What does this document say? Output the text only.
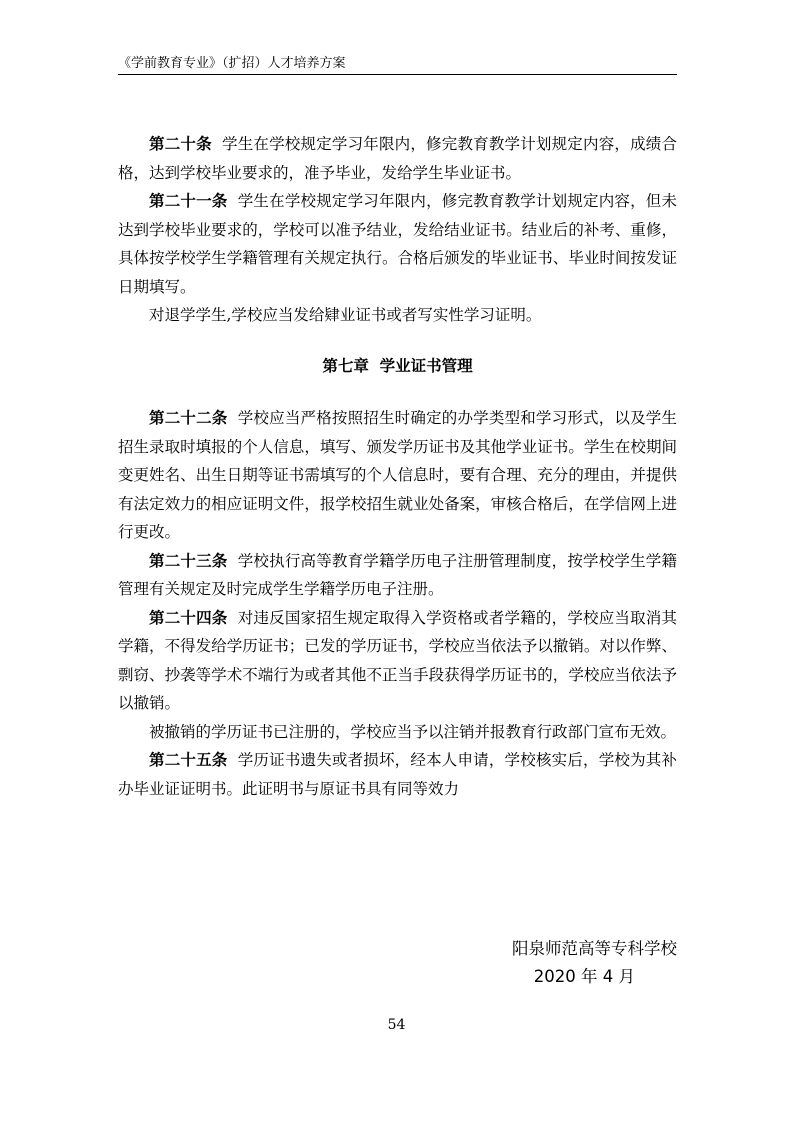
《学前教育专业》（扩招）人才培养方案

第二十条 学生在学校规定学习年限内，修完教育教学计划规定内容，成绩合格，达到学校毕业要求的，准予毕业，发给学生毕业证书。

第二十一条 学生在学校规定学习年限内，修完教育教学计划规定内容，但未达到学校毕业要求的，学校可以准予结业，发给结业证书。结业后的补考、重修，具体按学校学生学籍管理有关规定执行。合格后颁发的毕业证书、毕业时间按发证日期填写。

对退学学生,学校应当发给肄业证书或者写实性学习证明。

第七章  学业证书管理

第二十二条 学校应当严格按照招生时确定的办学类型和学习形式，以及学生招生录取时填报的个人信息，填写、颁发学历证书及其他学业证书。学生在校期间变更姓名、出生日期等证书需填写的个人信息时，要有合理、充分的理由，并提供有法定效力的相应证明文件，报学校招生就业处备案，审核合格后，在学信网上进行更改。

第二十三条 学校执行高等教育学籍学历电子注册管理制度，按学校学生学籍管理有关规定及时完成学生学籍学历电子注册。

第二十四条 对违反国家招生规定取得入学资格或者学籍的，学校应当取消其学籍，不得发给学历证书；已发的学历证书，学校应当依法予以撤销。对以作弊、剽窃、抄袭等学术不端行为或者其他不正当手段获得学历证书的，学校应当依法予以撤销。

被撤销的学历证书已注册的，学校应当予以注销并报教育行政部门宣布无效。

第二十五条 学历证书遗失或者损坏，经本人申请，学校核实后，学校为其补办毕业证证明书。此证明书与原证书具有同等效力

阳泉师范高等专科学校
2020 年 4 月
54
